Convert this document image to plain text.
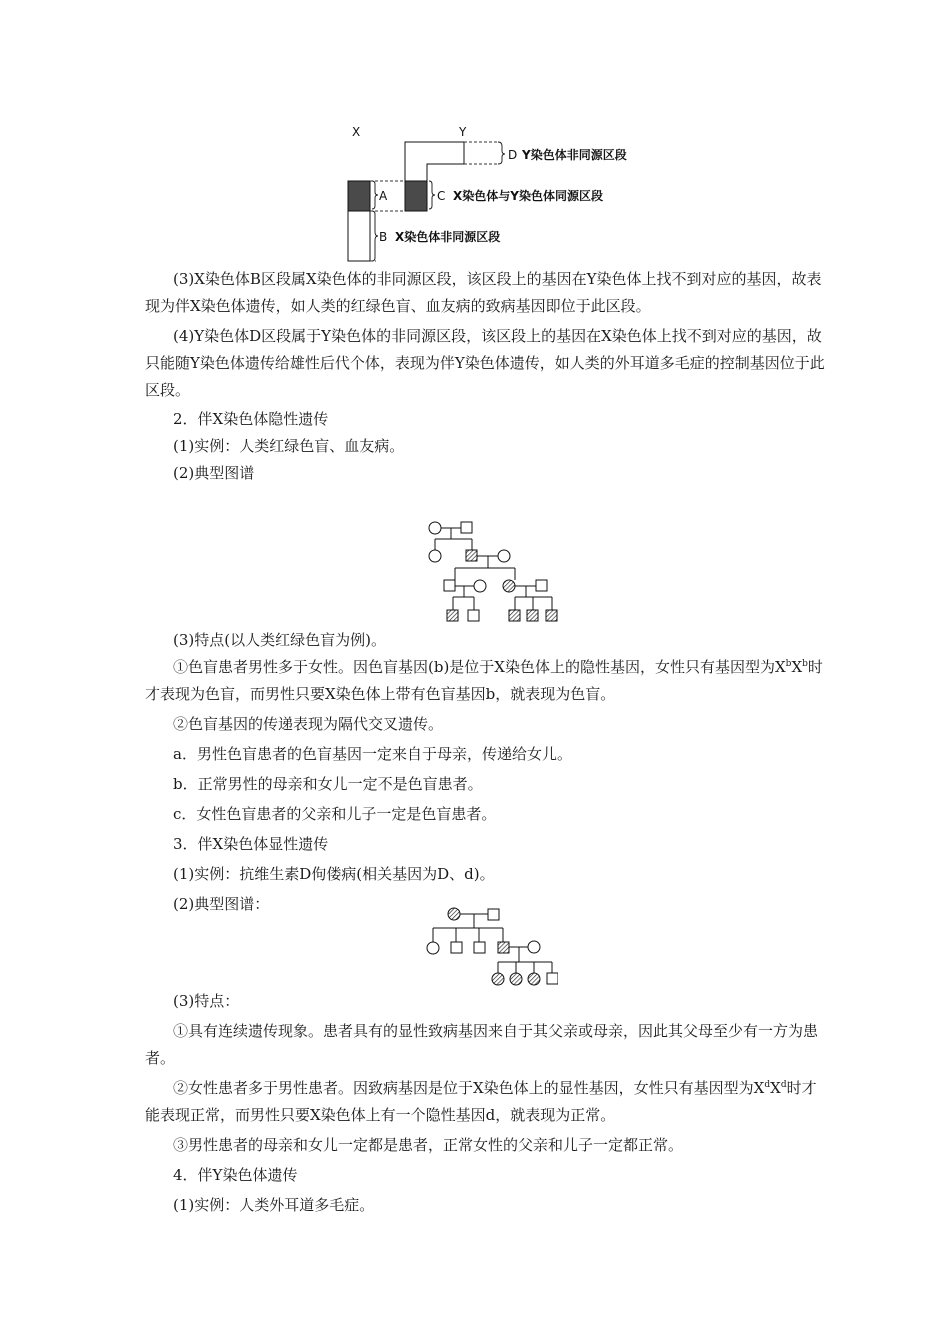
X	Y
D Y染色体非同源区段
A	C X染色体与Y染色体同源区段
B X染色体非同源区段

(3)X染色体B区段属X染色体的非同源区段，该区段上的基因在Y染色体上找不到对应的基因，故表现为伴X染色体遗传，如人类的红绿色盲、血友病的致病基因即位于此区段。

(4)Y染色体D区段属于Y染色体的非同源区段，该区段上的基因在X染色体上找不到对应的基因，故只能随Y染色体遗传给雄性后代个体，表现为伴Y染色体遗传，如人类的外耳道多毛症的控制基因位于此区段。

2．伴X染色体隐性遗传

(1)实例：人类红绿色盲、血友病。

(2)典型图谱

(3)特点(以人类红绿色盲为例)。

①色盲患者男性多于女性。因色盲基因(b)是位于X染色体上的隐性基因，女性只有基因型为$X^bX^b$时才表现为色盲，而男性只要X染色体上带有色盲基因b，就表现为色盲。

②色盲基因的传递表现为隔代交叉遗传。

a．男性色盲患者的色盲基因一定来自于母亲，传递给女儿。

b．正常男性的母亲和女儿一定不是色盲患者。

c．女性色盲患者的父亲和儿子一定是色盲患者。

3．伴X染色体显性遗传

(1)实例：抗维生素D佝偻病(相关基因为D、d)。

(2)典型图谱：

(3)特点：

①具有连续遗传现象。患者具有的显性致病基因来自于其父亲或母亲，因此其父母至少有一方为患者。

②女性患者多于男性患者。因致病基因是位于X染色体上的显性基因，女性只有基因型为$X^dX^d$时才能表现正常，而男性只要X染色体上有一个隐性基因d，就表现为正常。

③男性患者的母亲和女儿一定都是患者，正常女性的父亲和儿子一定都正常。

4．伴Y染色体遗传

(1)实例：人类外耳道多毛症。
